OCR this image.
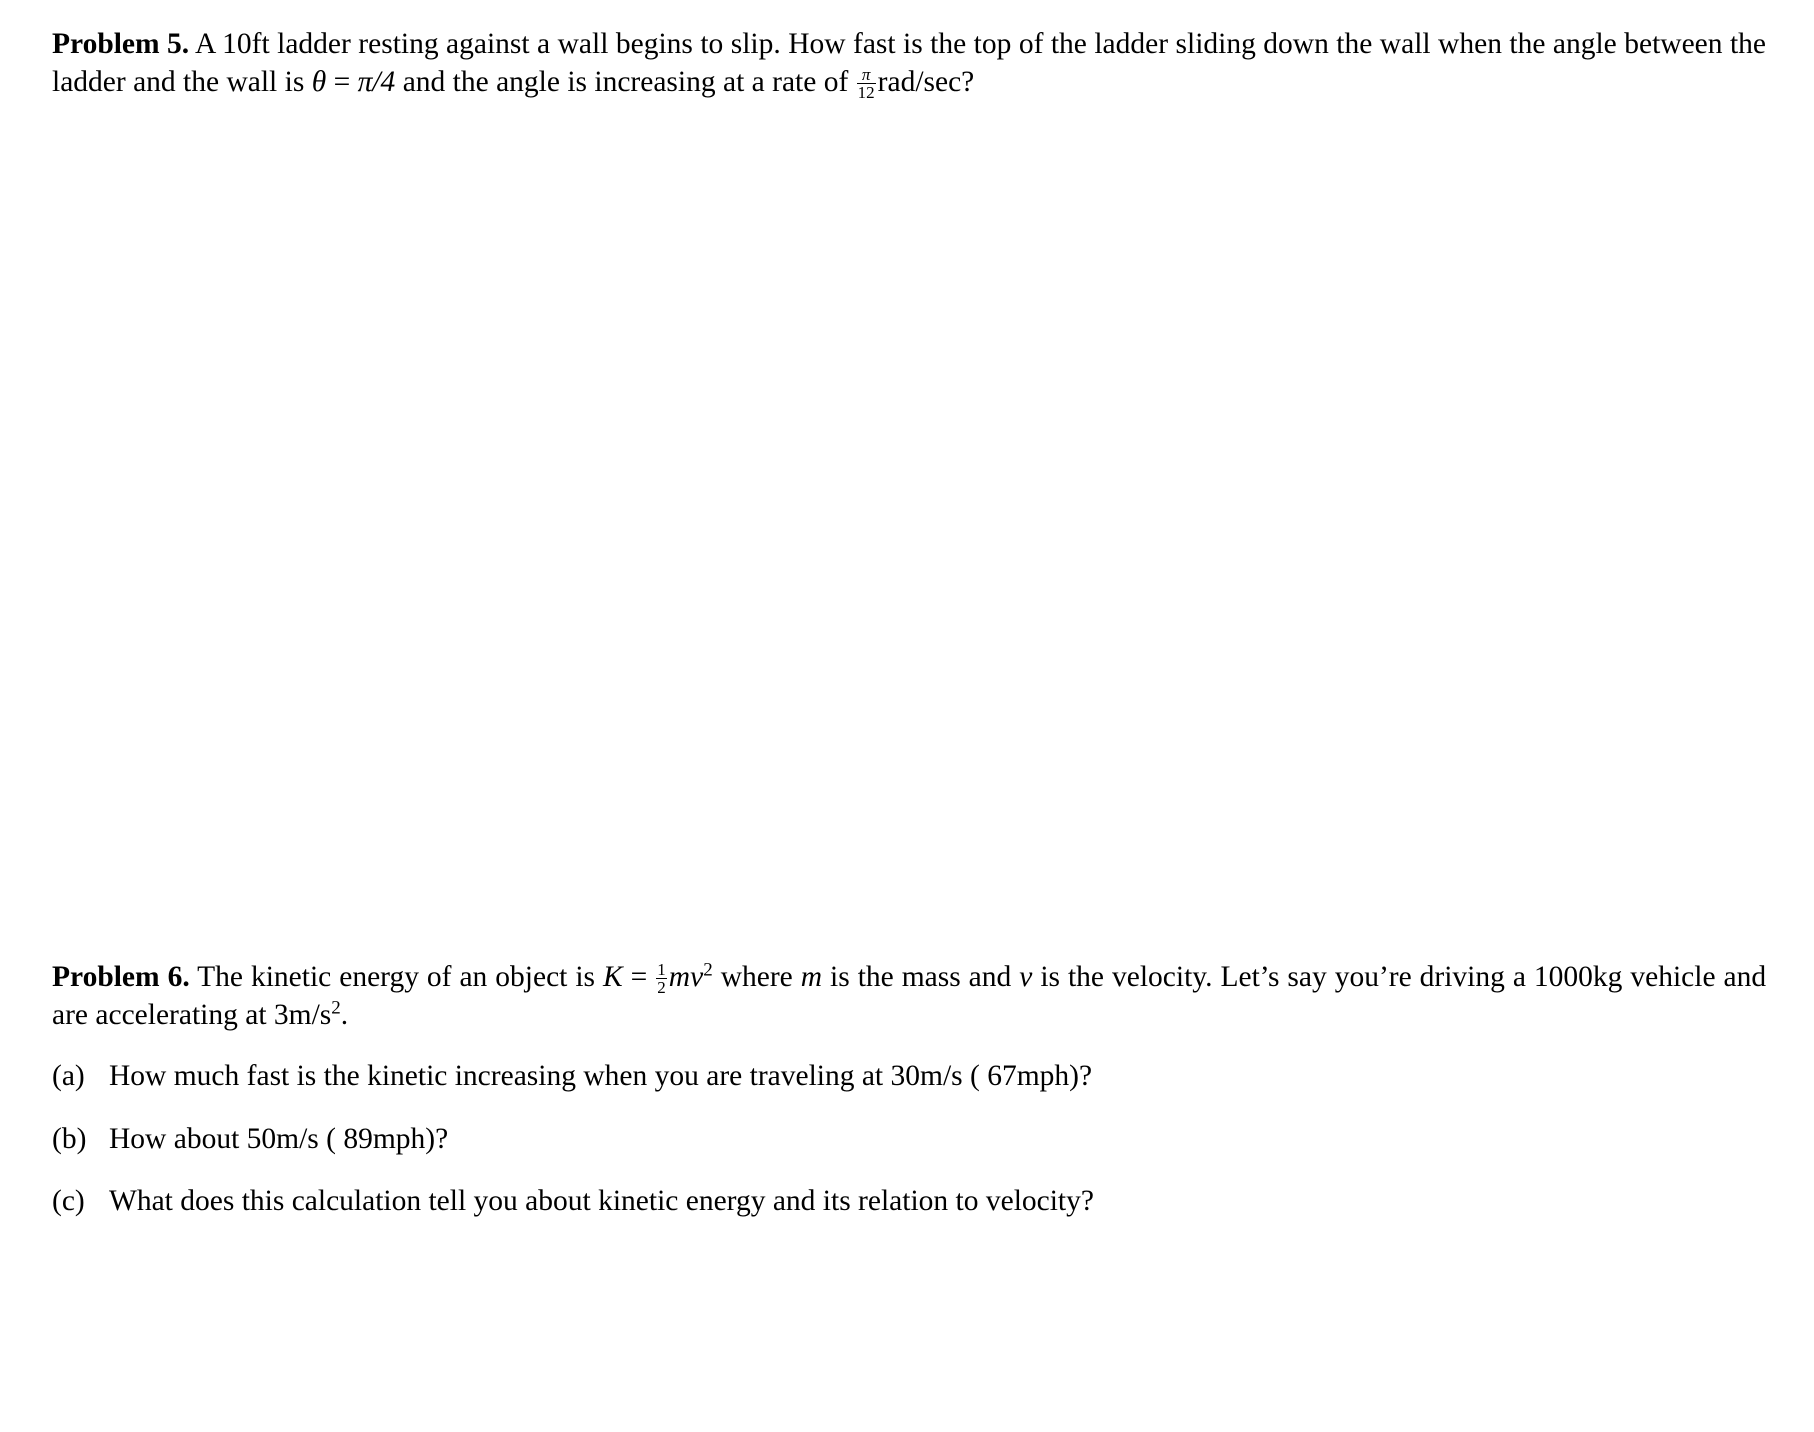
Problem 5. A 10ft ladder resting against a wall begins to slip. How fast is the top of the ladder sliding down the wall when the angle between the ladder and the wall is θ = π/4 and the angle is increasing at a rate of $\frac{\pi}{12} rad/\sec$?

Problem 6. The kinetic energy of an object is $K = \frac{1}{2} mv^2$ where m is the mass and v is the velocity. Let’s say you’re driving a 1000kg vehicle and are accelerating at $3m/s^2$.

(a) How much fast is the kinetic increasing when you are traveling at 30m/s ( 67mph)?
(b) How about 50m/s ( 89mph)?
(c) What does this calculation tell you about kinetic energy and its relation to velocity?
